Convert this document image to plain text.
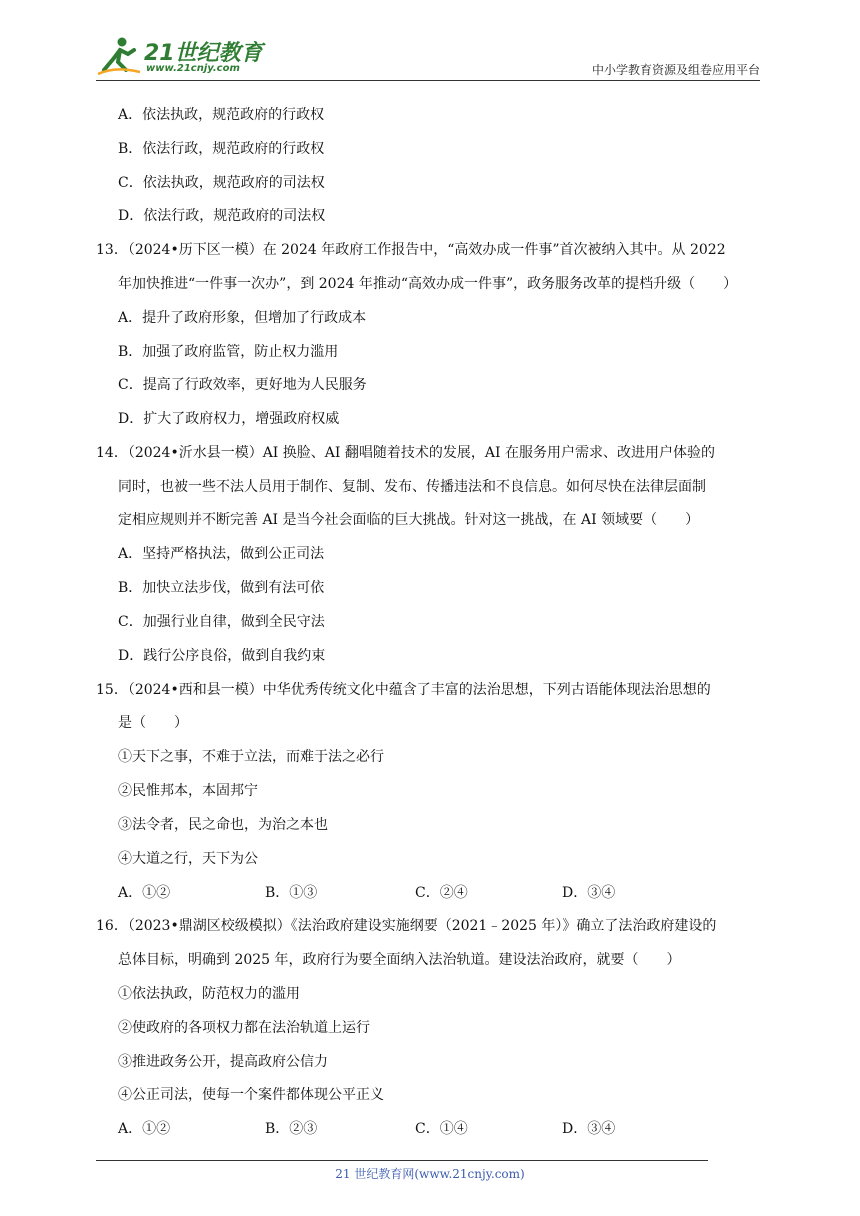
21世纪教育
www.21cnjy.com	中小学教育资源及组卷应用平台
A．依法执政，规范政府的行政权
B．依法行政，规范政府的行政权
C．依法执政，规范政府的司法权
D．依法行政，规范政府的司法权
13．（2024•历下区一模）在 2024 年政府工作报告中，“高效办成一件事”首次被纳入其中。从 2022
年加快推进“一件事一次办”，到 2024 年推动“高效办成一件事”，政务服务改革的提档升级（　　）
A．提升了政府形象，但增加了行政成本
B．加强了政府监管，防止权力滥用
C．提高了行政效率，更好地为人民服务
D．扩大了政府权力，增强政府权威
14．（2024•沂水县一模）AI 换脸、AI 翻唱随着技术的发展，AI 在服务用户需求、改进用户体验的
同时，也被一些不法人员用于制作、复制、发布、传播违法和不良信息。如何尽快在法律层面制
定相应规则并不断完善 AI 是当今社会面临的巨大挑战。针对这一挑战，在 AI 领域要（　　）
A．坚持严格执法，做到公正司法
B．加快立法步伐，做到有法可依
C．加强行业自律，做到全民守法
D．践行公序良俗，做到自我约束
15．（2024•西和县一模）中华优秀传统文化中蕴含了丰富的法治思想，下列古语能体现法治思想的
是（　　）
①天下之事，不难于立法，而难于法之必行
②民惟邦本，本固邦宁
③法令者，民之命也，为治之本也
④大道之行，天下为公
A．①②	B．①③	C．②④	D．③④
16．（2023•鼎湖区校级模拟）《法治政府建设实施纲要（2021﹣2025 年）》确立了法治政府建设的
总体目标，明确到 2025 年，政府行为要全面纳入法治轨道。建设法治政府，就要（　　）
①依法执政，防范权力的滥用
②使政府的各项权力都在法治轨道上运行
③推进政务公开，提高政府公信力
④公正司法，使每一个案件都体现公平正义
A．①②	B．②③	C．①④	D．③④
21 世纪教育网(www.21cnjy.com)
